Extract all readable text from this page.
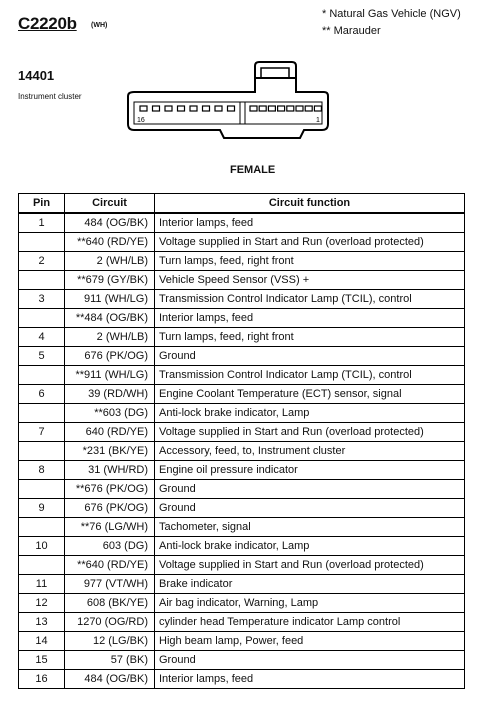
C2220b (WH)
* Natural Gas Vehicle (NGV)
** Marauder
14401
Instrument cluster
16	1
FEMALE
Pin	Circuit	Circuit function
1	484 (OG/BK)	Interior lamps, feed
	**640 (RD/YE)	Voltage supplied in Start and Run (overload protected)
2	2 (WH/LB)	Turn lamps, feed, right front
	**679 (GY/BK)	Vehicle Speed Sensor (VSS) +
3	911 (WH/LG)	Transmission Control Indicator Lamp (TCIL), control
	**484 (OG/BK)	Interior lamps, feed
4	2 (WH/LB)	Turn lamps, feed, right front
5	676 (PK/OG)	Ground
	**911 (WH/LG)	Transmission Control Indicator Lamp (TCIL), control
6	39 (RD/WH)	Engine Coolant Temperature (ECT) sensor, signal
	**603 (DG)	Anti-lock brake indicator, Lamp
7	640 (RD/YE)	Voltage supplied in Start and Run (overload protected)
	*231 (BK/YE)	Accessory, feed, to, Instrument cluster
8	31 (WH/RD)	Engine oil pressure indicator
	**676 (PK/OG)	Ground
9	676 (PK/OG)	Ground
	**76 (LG/WH)	Tachometer, signal
10	603 (DG)	Anti-lock brake indicator, Lamp
	**640 (RD/YE)	Voltage supplied in Start and Run (overload protected)
11	977 (VT/WH)	Brake indicator
12	608 (BK/YE)	Air bag indicator, Warning, Lamp
13	1270 (OG/RD)	cylinder head Temperature indicator Lamp control
14	12 (LG/BK)	High beam lamp, Power, feed
15	57 (BK)	Ground
16	484 (OG/BK)	Interior lamps, feed
